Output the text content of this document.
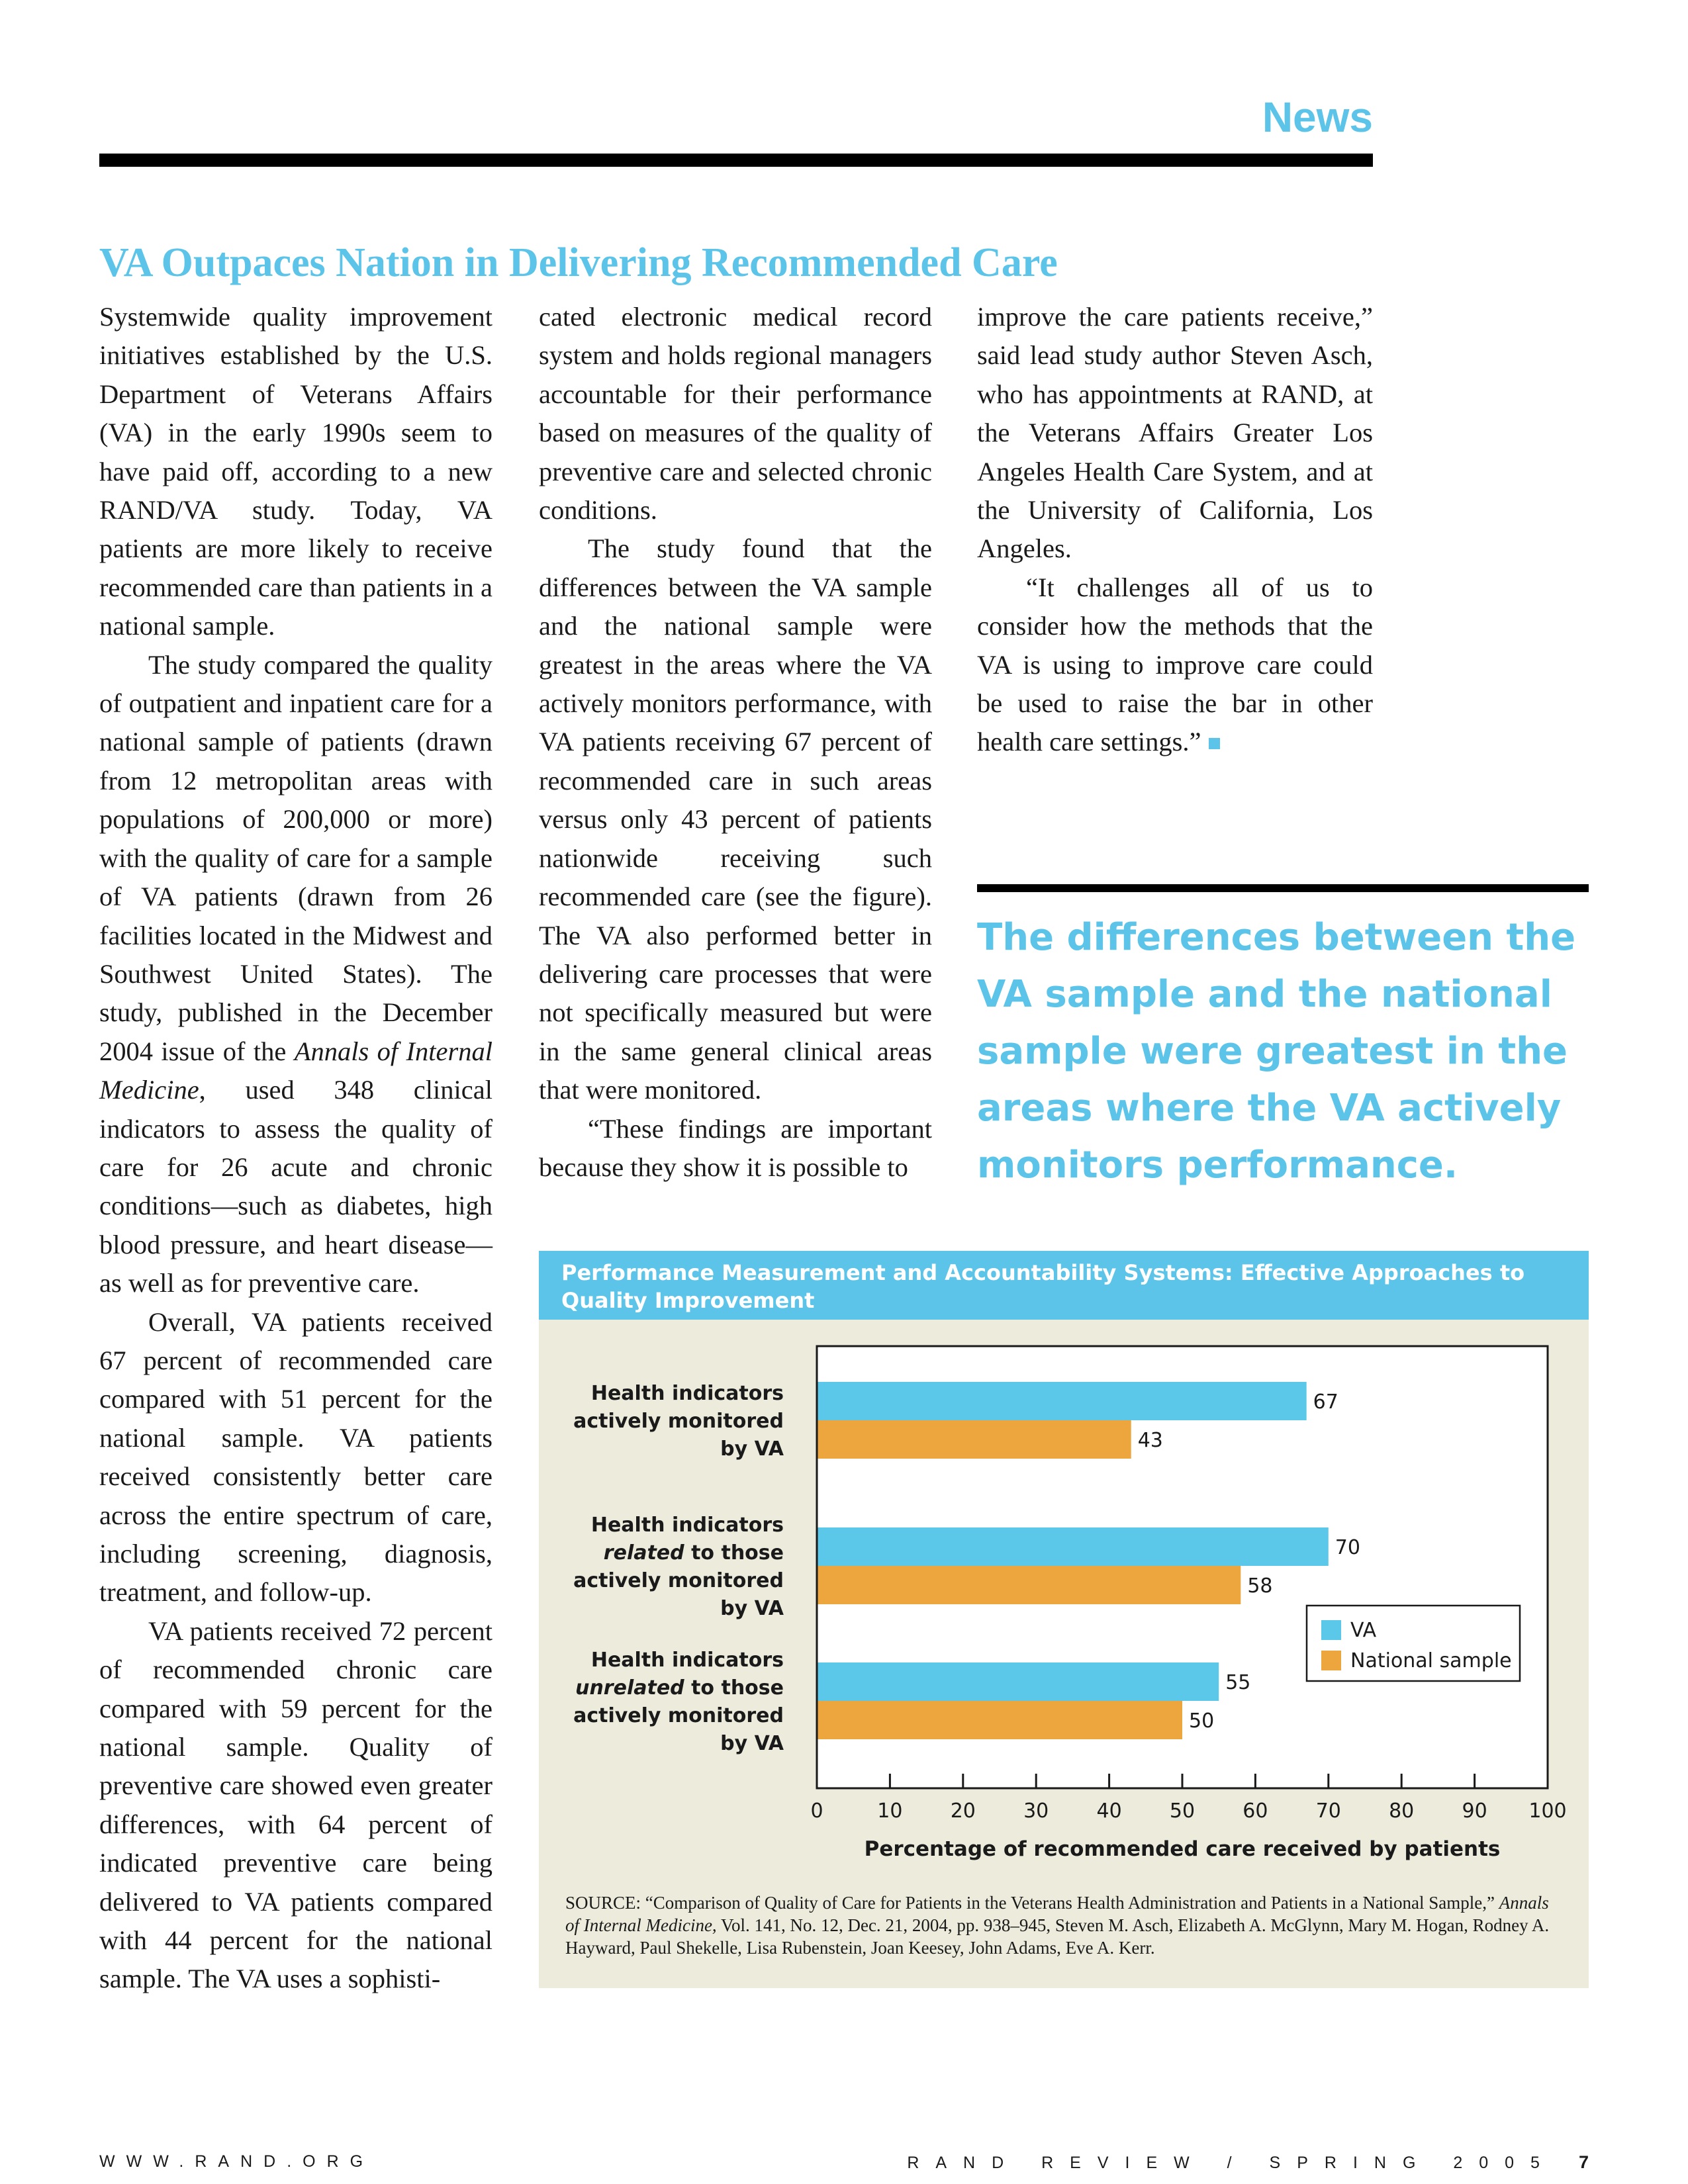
News
VA Outpaces Nation in Delivering Recommended Care

Systemwide quality improvement initiatives established by the U.S. Department of Veterans Affairs (VA) in the early 1990s seem to have paid off, according to a new RAND/VA study. Today, VA patients are more likely to receive recommended care than patients in a national sample.

The study compared the quality of outpatient and inpatient care for a national sample of patients (drawn from 12 metropolitan areas with populations of 200,000 or more) with the quality of care for a sample of VA patients (drawn from 26 facilities located in the Midwest and Southwest United States). The study, published in the December 2004 issue of the Annals of Internal Medicine, used 348 clinical indicators to assess the quality of care for 26 acute and chronic conditions—such as diabetes, high blood pressure, and heart disease—as well as for preventive care.

Overall, VA patients received 67 percent of recommended care compared with 51 percent for the national sample. VA patients received consistently better care across the entire spectrum of care, including screening, diagnosis, treatment, and follow-up.

VA patients received 72 percent of recommended chronic care compared with 59 percent for the national sample. Quality of preventive care showed even greater differences, with 64 percent of indicated preventive care being delivered to VA patients compared with 44 percent for the national sample. The VA uses a sophisti-

cated electronic medical record system and holds regional managers accountable for their performance based on measures of the quality of preventive care and selected chronic conditions.

The study found that the differences between the VA sample and the national sample were greatest in the areas where the VA actively monitors performance, with VA patients receiving 67 percent of recommended care in such areas versus only 43 percent of patients nationwide receiving such recommended care (see the figure). The VA also performed better in delivering care processes that were not specifically measured but were in the same general clinical areas that were monitored.

“These findings are important because they show it is possible to

improve the care patients receive,” said lead study author Steven Asch, who has appointments at RAND, at the Veterans Affairs Greater Los Angeles Health Care System, and at the University of California, Los Angeles.

“It challenges all of us to consider how the methods that the VA is using to improve care could be used to raise the bar in other health care settings.”

The differences between the VA sample and the national sample were greatest in the areas where the VA actively monitors performance.
Performance Measurement and Accountability Systems: Effective Approaches to Quality Improvement
67
43
Health indicators actively monitored by VA
70
58
Health indicators related to those actively monitored by VA
55
50
Health indicators unrelated to those actively monitored by VA
0	10 20 30 40 50 60 70 80 90 100
Percentage of recommended care received by patients
VA
National sample
SOURCE: “Comparison of Quality of Care for Patients in the Veterans Health Administration and Patients in a National Sample,” Annals of Internal Medicine, Vol. 141, No. 12, Dec. 21, 2004, pp. 938–945, Steven M. Asch, Elizabeth A. McGlynn, Mary M. Hogan, Rodney A. Hayward, Paul Shekelle, Lisa Rubenstein, Joan Keesey, John Adams, Eve A. Kerr.
WWW.RAND.ORG	RAND REVIEW / SPRING 2005 7
